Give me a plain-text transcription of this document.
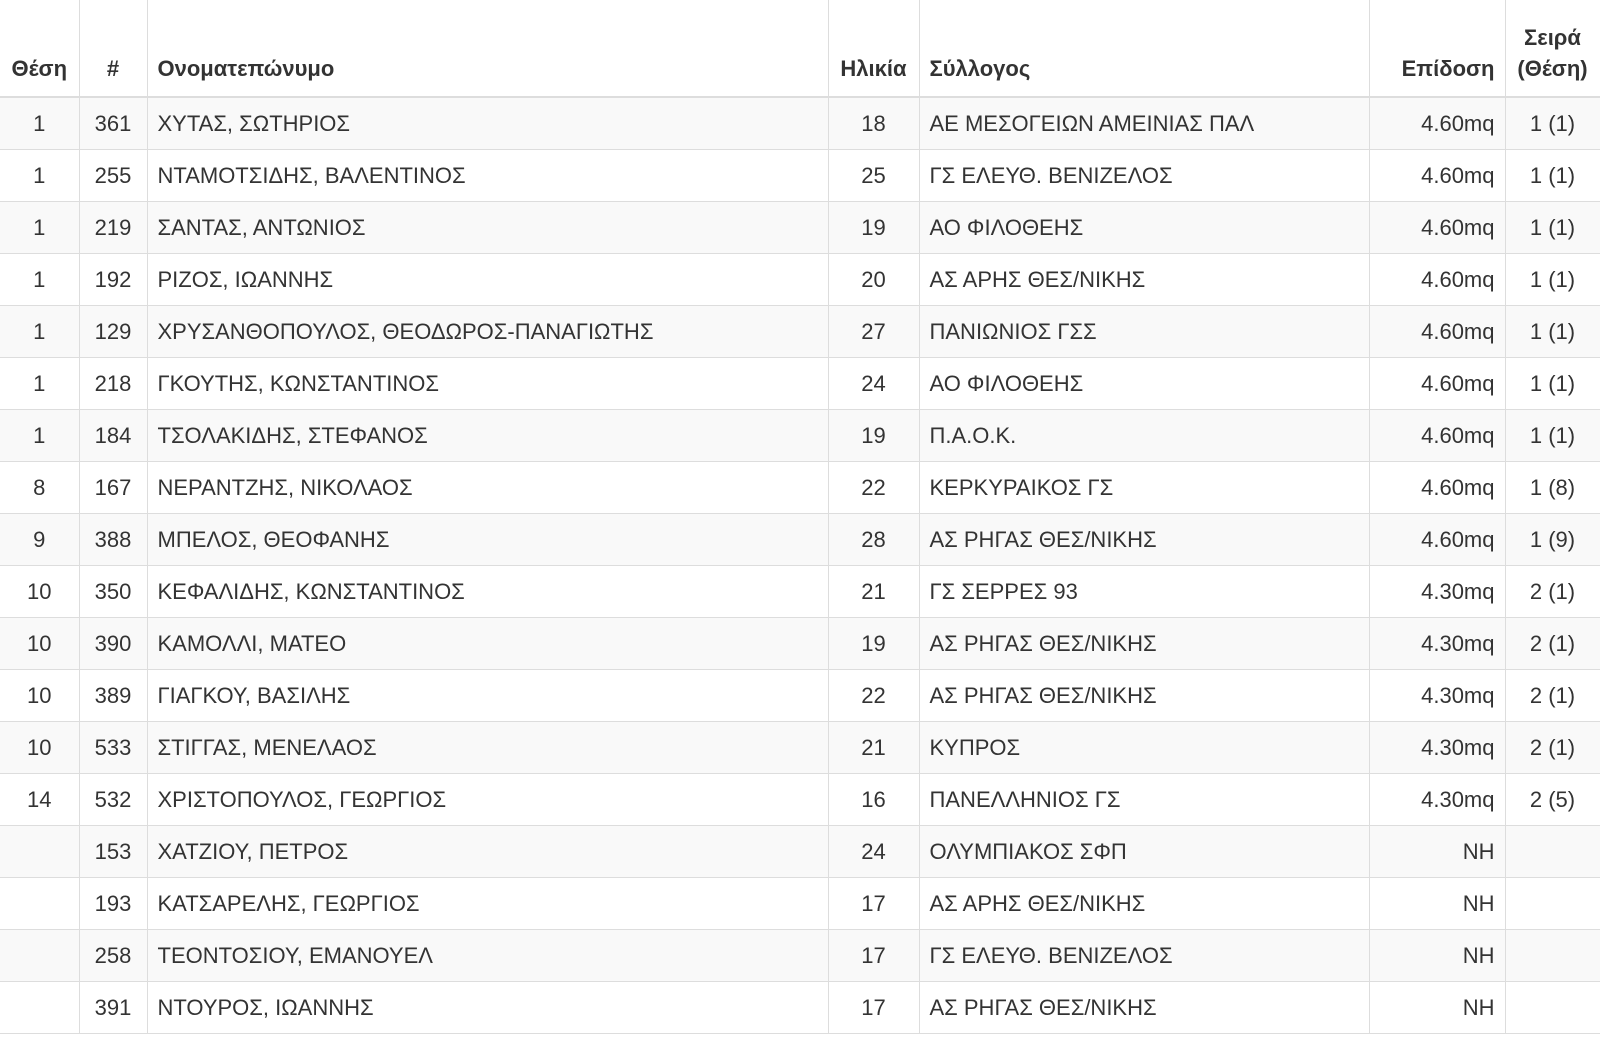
Θέση	#	Ονοματεπώνυμο	Ηλικία	Σύλλογος	Επίδοση	Σειρά
(Θέση)
1	361	ΧΥΤΑΣ, ΣΩΤΗΡΙΟΣ	18	ΑΕ ΜΕΣΟΓΕΙΩΝ ΑΜΕΙΝΙΑΣ ΠΑΛ	4.60mq	1 (1)
1	255	ΝΤΑΜΟΤΣΙΔΗΣ, ΒΑΛΕΝΤΙΝΟΣ	25	ΓΣ ΕΛΕΥΘ. ΒΕΝΙΖΕΛΟΣ	4.60mq	1 (1)
1	219	ΣΑΝΤΑΣ, ΑΝΤΩΝΙΟΣ	19	ΑΟ ΦΙΛΟΘΕΗΣ	4.60mq	1 (1)
1	192	ΡΙΖΟΣ, ΙΩΑΝΝΗΣ	20	ΑΣ ΑΡΗΣ ΘΕΣ/ΝΙΚΗΣ	4.60mq	1 (1)
1	129	ΧΡΥΣΑΝΘΟΠΟΥΛΟΣ, ΘΕΟΔΩΡΟΣ-ΠΑΝΑΓΙΩΤΗΣ	27	ΠΑΝΙΩΝΙΟΣ ΓΣΣ	4.60mq	1 (1)
1	218	ΓΚΟΥΤΗΣ, ΚΩΝΣΤΑΝΤΙΝΟΣ	24	ΑΟ ΦΙΛΟΘΕΗΣ	4.60mq	1 (1)
1	184	ΤΣΟΛΑΚΙΔΗΣ, ΣΤΕΦΑΝΟΣ	19	Π.Α.Ο.Κ.	4.60mq	1 (1)
8	167	ΝΕΡΑΝΤΖΗΣ, ΝΙΚΟΛΑΟΣ	22	ΚΕΡΚΥΡΑΙΚΟΣ ΓΣ	4.60mq	1 (8)
9	388	ΜΠΕΛΟΣ, ΘΕΟΦΑΝΗΣ	28	ΑΣ ΡΗΓΑΣ ΘΕΣ/ΝΙΚΗΣ	4.60mq	1 (9)
10	350	ΚΕΦΑΛΙΔΗΣ, ΚΩΝΣΤΑΝΤΙΝΟΣ	21	ΓΣ ΣΕΡΡΕΣ 93	4.30mq	2 (1)
10	390	ΚΑΜΟΛΛΙ, ΜΑΤΕΟ	19	ΑΣ ΡΗΓΑΣ ΘΕΣ/ΝΙΚΗΣ	4.30mq	2 (1)
10	389	ΓΙΑΓΚΟΥ, ΒΑΣΙΛΗΣ	22	ΑΣ ΡΗΓΑΣ ΘΕΣ/ΝΙΚΗΣ	4.30mq	2 (1)
10	533	ΣΤΙΓΓΑΣ, ΜΕΝΕΛΑΟΣ	21	ΚΥΠΡΟΣ	4.30mq	2 (1)
14	532	ΧΡΙΣΤΟΠΟΥΛΟΣ, ΓΕΩΡΓΙΟΣ	16	ΠΑΝΕΛΛΗΝΙΟΣ ΓΣ	4.30mq	2 (5)
	153	ΧΑΤΖΙΟΥ, ΠΕΤΡΟΣ	24	ΟΛΥΜΠΙΑΚΟΣ ΣΦΠ	ΝΗ	
	193	ΚΑΤΣΑΡΕΛΗΣ, ΓΕΩΡΓΙΟΣ	17	ΑΣ ΑΡΗΣ ΘΕΣ/ΝΙΚΗΣ	ΝΗ	
	258	ΤΕΟΝΤΟΣΙΟΥ, ΕΜΑΝΟΥΕΛ	17	ΓΣ ΕΛΕΥΘ. ΒΕΝΙΖΕΛΟΣ	ΝΗ	
	391	ΝΤΟΥΡΟΣ, ΙΩΑΝΝΗΣ	17	ΑΣ ΡΗΓΑΣ ΘΕΣ/ΝΙΚΗΣ	ΝΗ	
